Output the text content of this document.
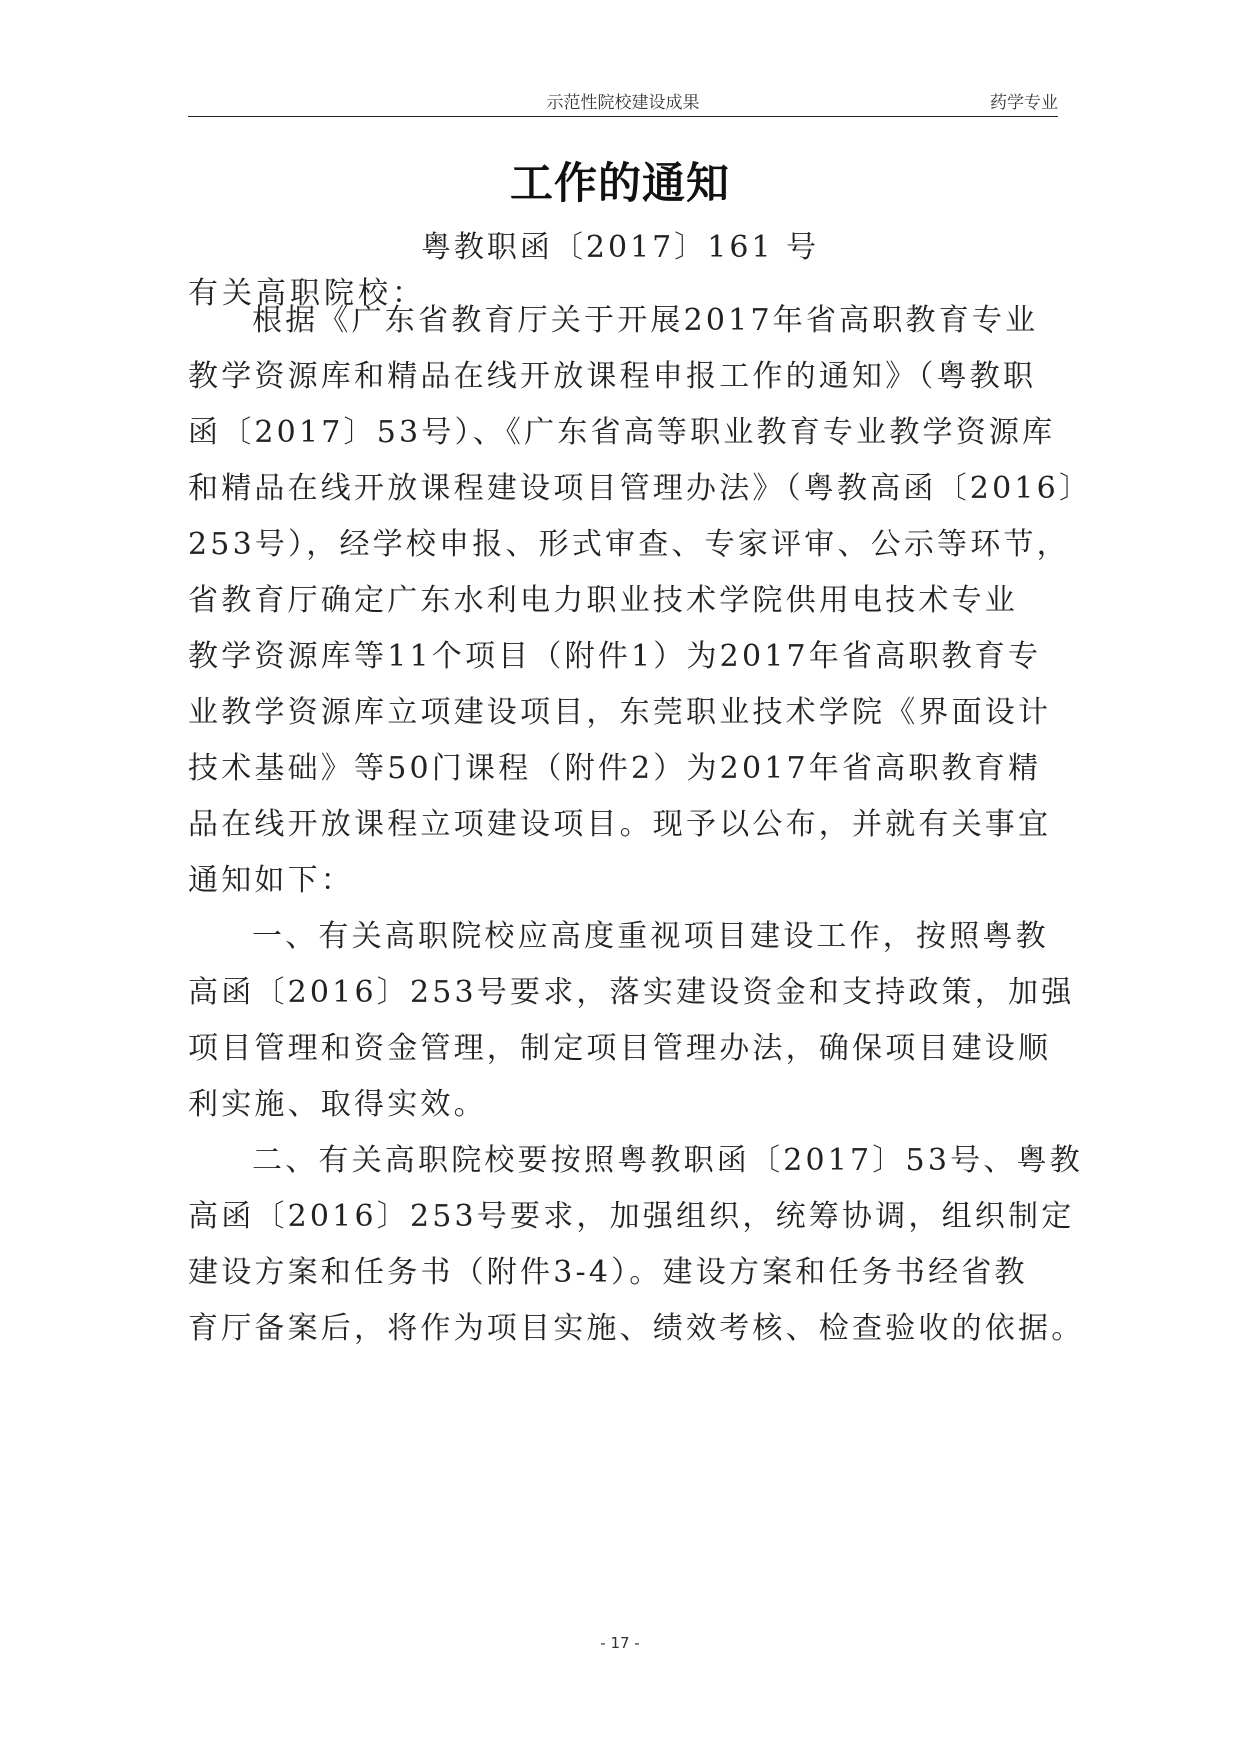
示范性院校建设成果	药学专业
工作的通知
粤教职函〔2017〕161 号
有关高职院校：
根据《广东省教育厅关于开展2017年省高职教育专业
教学资源库和精品在线开放课程申报工作的通知》（粤教职
函〔2017〕53号）、《广东省高等职业教育专业教学资源库
和精品在线开放课程建设项目管理办法》（粤教高函〔2016〕
253号），经学校申报、形式审查、专家评审、公示等环节，
省教育厅确定广东水利电力职业技术学院供用电技术专业
教学资源库等11个项目（附件1）为2017年省高职教育专
业教学资源库立项建设项目，东莞职业技术学院《界面设计
技术基础》等50门课程（附件2）为2017年省高职教育精
品在线开放课程立项建设项目。现予以公布，并就有关事宜
通知如下：
一、有关高职院校应高度重视项目建设工作，按照粤教
高函〔2016〕253号要求，落实建设资金和支持政策，加强
项目管理和资金管理，制定项目管理办法，确保项目建设顺
利实施、取得实效。
二、有关高职院校要按照粤教职函〔2017〕53号、粤教
高函〔2016〕253号要求，加强组织，统筹协调，组织制定
建设方案和任务书（附件3-4）。建设方案和任务书经省教
育厅备案后，将作为项目实施、绩效考核、检查验收的依据。
- 17 -
